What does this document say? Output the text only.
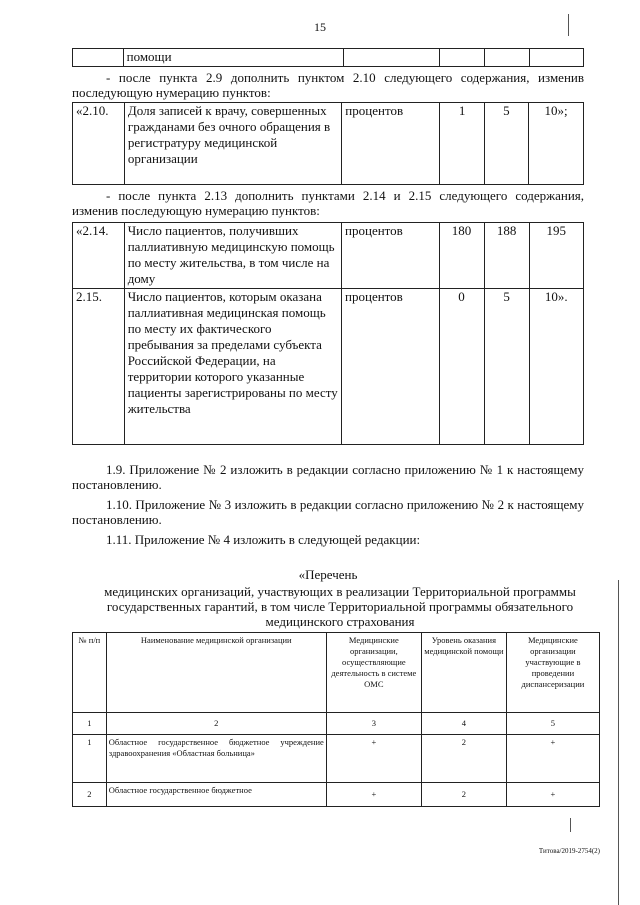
15
	помощи				
- после пункта 2.9 дополнить пунктом 2.10 следующего содержания, изменив последующую нумерацию пунктов:
«2.10.	Доля записей к врачу, совершенных гражданами без очного обращения в регистратуру медицинской организации	процентов	1	5	10»;
- после пункта 2.13 дополнить пунктами 2.14 и 2.15 следующего содержания, изменив последующую нумерацию пунктов:
«2.14.	Число пациентов, получивших паллиативную медицинскую помощь по месту жительства, в том числе на дому	процентов	180	188	195
2.15.	Число пациентов, которым оказана паллиативная медицинская помощь по месту их фактического пребывания за пределами субъекта Российской Федерации, на территории которого указанные пациенты зарегистрированы по месту жительства	процентов	0	5	10».
1.9. Приложение № 2 изложить в редакции согласно приложению № 1 к настоящему постановлению.
1.10. Приложение № 3 изложить в редакции согласно приложению № 2 к настоящему постановлению.
1.11. Приложение № 4 изложить в следующей редакции:
«Перечень
медицинских организаций, участвующих в реализации Территориальной программы государственных гарантий, в том числе Территориальной программы обязательного медицинского страхования
№ п/п	Наименование медицинской организации	Медицинские организации, осуществляющие деятельность в системе ОМС	Уровень оказания медицинской помощи	Медицинские организации участвующие в проведении диспансеризации
1	2	3	4	5
1	Областное государственное бюджетное учреждение здравоохранения «Областная больница»	+	2	+
2	Областное государственное бюджетное	+	2	+
Титова/2019-2754(2)
